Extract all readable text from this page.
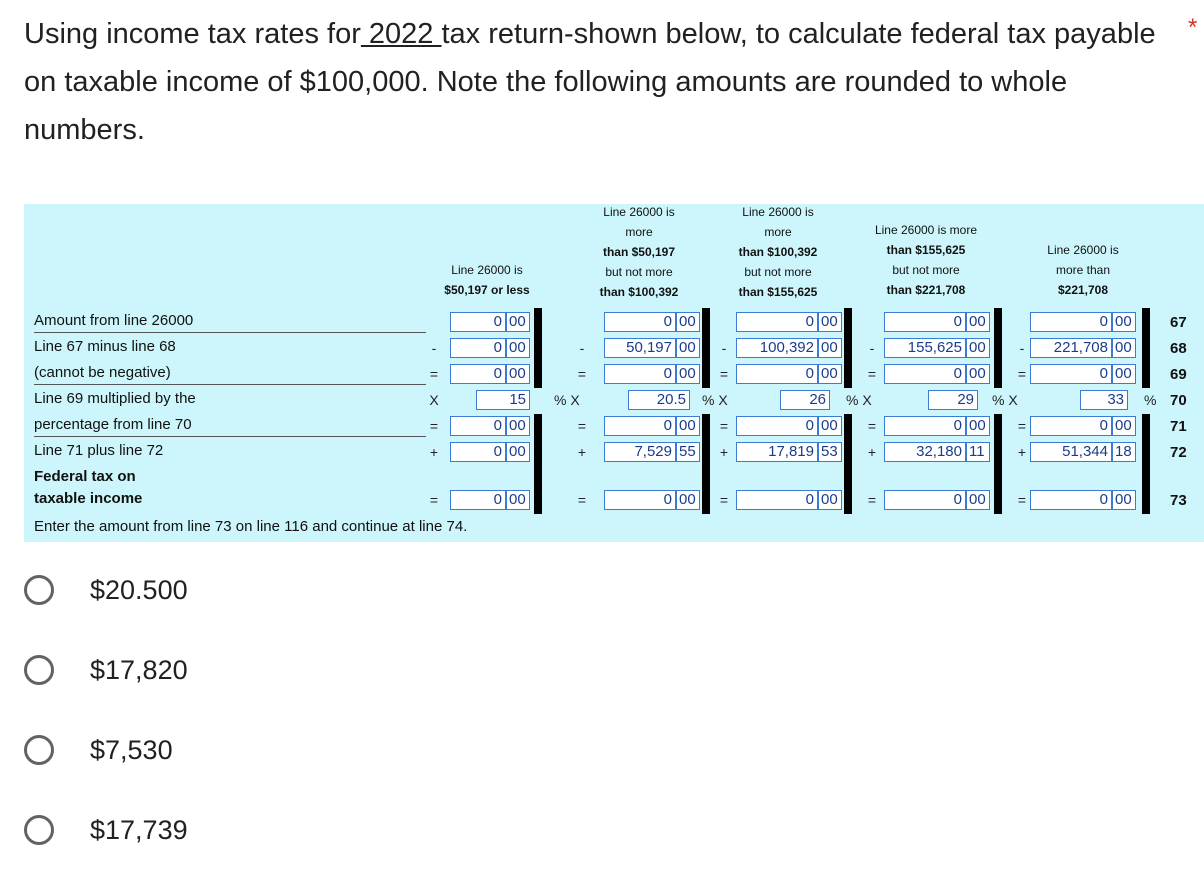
Using income tax rates for 2022 tax return-shown below, to calculate federal tax payable on taxable income of $100,000. Note the following amounts are rounded to whole numbers.
*
Line 26000 is
$50,197 or less
Line 26000 is
more
than $50,197
but not more
than $100,392
Line 26000 is
more
than $100,392
but not more
than $155,625
Line 26000 is more
than $155,625
but not more
than $221,708
Line 26000 is
more than
$221,708
Amount from line 26000
Line 67 minus line 68
(cannot be negative)
Line 69 multiplied by the
percentage from line 70
Line 71 plus line 72
Federal tax on
taxable income
-
=
X
=
+
=
0 00
0 00
0 00
15 % X
0 00
0 00
0 00
-
=
=
+
=
0 00
50,197 00
0 00
20.5 % X
0 00
7,529 55
0 00
-
=
=
+
=
0 00
100,392 00
0 00
26 % X
0 00
17,819 53
0 00
-
=
=
+
=
0 00
155,625 00
0 00
29 % X
0 00
32,180 11
0 00
-
=
=
+
=
0 00
221,708 00
0 00
33 %
0 00
51,344 18
0 00
67
68
69
70
71
72
73
Enter the amount from line 73 on line 116 and continue at line 74.
$20.500
$17,820
$7,530
$17,739
